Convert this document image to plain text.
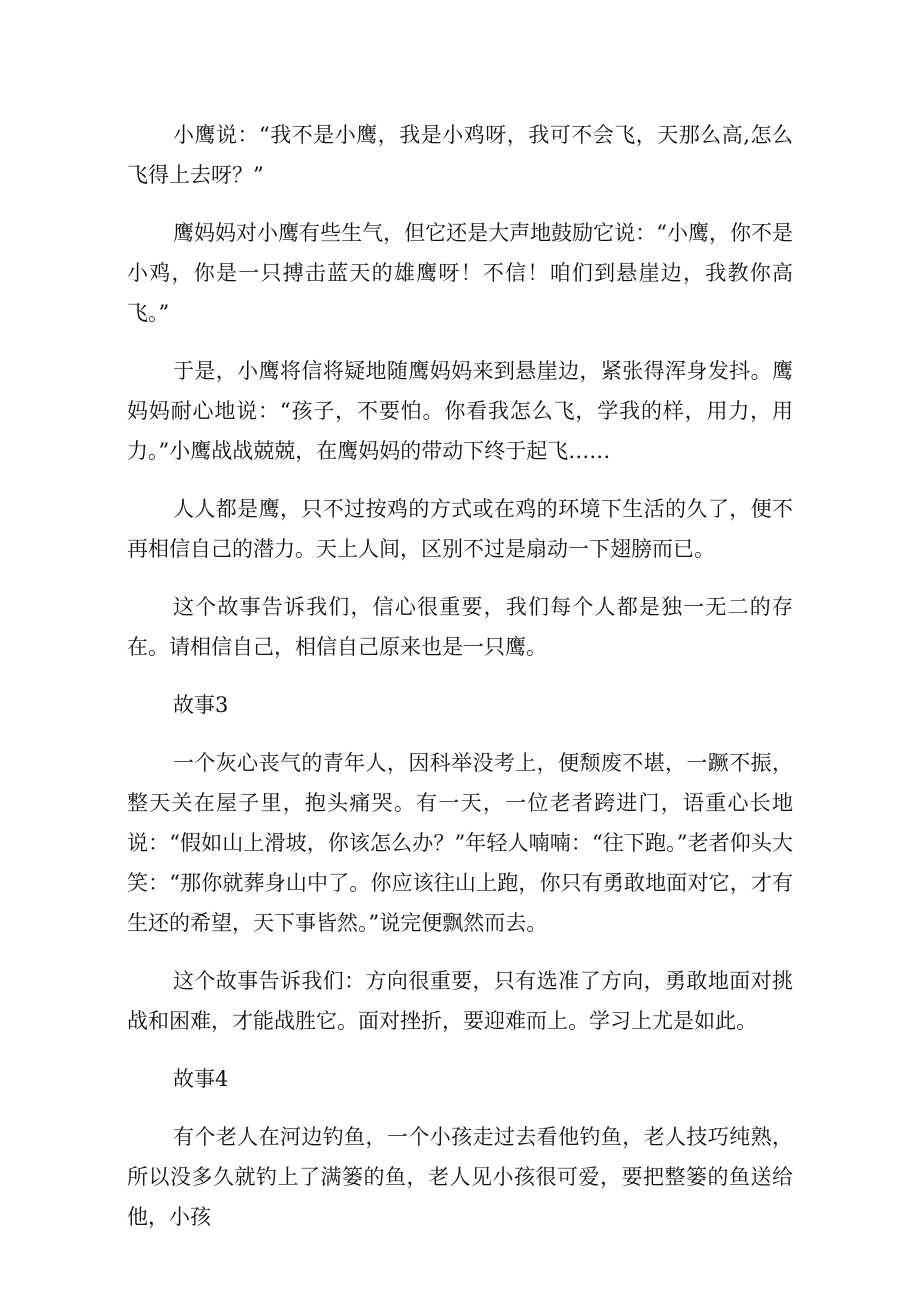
小鹰说：“我不是小鹰，我是小鸡呀，我可不会飞，天那么高,怎么飞得上去呀？”

鹰妈妈对小鹰有些生气，但它还是大声地鼓励它说：“小鹰，你不是小鸡，你是一只搏击蓝天的雄鹰呀！不信！咱们到悬崖边，我教你高飞。”

于是，小鹰将信将疑地随鹰妈妈来到悬崖边，紧张得浑身发抖。鹰妈妈耐心地说：“孩子，不要怕。你看我怎么飞，学我的样，用力，用力。”小鹰战战兢兢，在鹰妈妈的带动下终于起飞……

人人都是鹰，只不过按鸡的方式或在鸡的环境下生活的久了，便不再相信自己的潜力。天上人间，区别不过是扇动一下翅膀而已。

这个故事告诉我们，信心很重要，我们每个人都是独一无二的存在。请相信自己，相信自己原来也是一只鹰。

故事3

一个灰心丧气的青年人，因科举没考上，便颓废不堪，一蹶不振，整天关在屋子里，抱头痛哭。有一天，一位老者跨进门，语重心长地说：“假如山上滑坡，你该怎么办？”年轻人喃喃：“往下跑。”老者仰头大笑：“那你就葬身山中了。你应该往山上跑，你只有勇敢地面对它，才有生还的希望，天下事皆然。”说完便飘然而去。

这个故事告诉我们：方向很重要，只有选准了方向，勇敢地面对挑战和困难，才能战胜它。面对挫折，要迎难而上。学习上尤是如此。

故事4

有个老人在河边钓鱼，一个小孩走过去看他钓鱼，老人技巧纯熟，所以没多久就钓上了满篓的鱼，老人见小孩很可爱，要把整篓的鱼送给他，小孩
